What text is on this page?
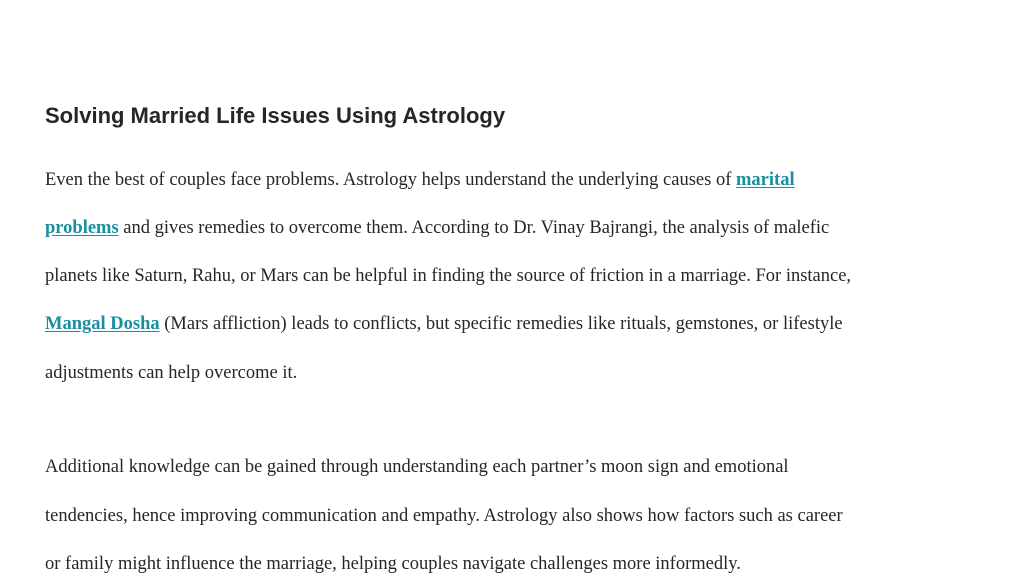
Solving Married Life Issues Using Astrology
Even the best of couples face problems. Astrology helps understand the underlying causes of marital
problems and gives remedies to overcome them. According to Dr. Vinay Bajrangi, the analysis of malefic
planets like Saturn, Rahu, or Mars can be helpful in finding the source of friction in a marriage. For instance,
Mangal Dosha (Mars affliction) leads to conflicts, but specific remedies like rituals, gemstones, or lifestyle
adjustments can help overcome it.
Additional knowledge can be gained through understanding each partner’s moon sign and emotional
tendencies, hence improving communication and empathy. Astrology also shows how factors such as career
or family might influence the marriage, helping couples navigate challenges more informedly.
